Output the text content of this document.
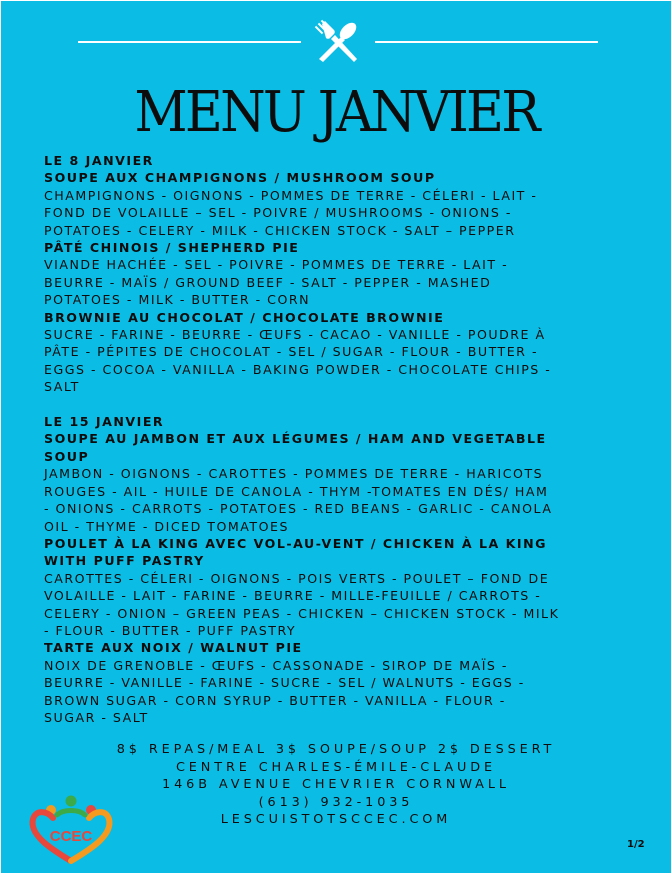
MENU JANVIER
LE 8 JANVIER
SOUPE AUX CHAMPIGNONS / MUSHROOM SOUP
CHAMPIGNONS - OIGNONS - POMMES DE TERRE - CÉLERI - LAIT -
FOND DE VOLAILLE – SEL - POIVRE / MUSHROOMS - ONIONS -
POTATOES - CELERY - MILK - CHICKEN STOCK - SALT – PEPPER
PÂTÉ CHINOIS / SHEPHERD PIE
VIANDE HACHÉE - SEL - POIVRE - POMMES DE TERRE - LAIT -
BEURRE - MAÏS / GROUND BEEF - SALT - PEPPER - MASHED
POTATOES - MILK - BUTTER - CORN
BROWNIE AU CHOCOLAT / CHOCOLATE BROWNIE
SUCRE - FARINE - BEURRE - ŒUFS - CACAO - VANILLE - POUDRE À
PÂTE - PÉPITES DE CHOCOLAT - SEL / SUGAR - FLOUR - BUTTER -
EGGS - COCOA - VANILLA - BAKING POWDER - CHOCOLATE CHIPS -
SALT
LE 15 JANVIER
SOUPE AU JAMBON ET AUX LÉGUMES / HAM AND VEGETABLE
SOUP
JAMBON - OIGNONS - CAROTTES - POMMES DE TERRE - HARICOTS
ROUGES - AIL - HUILE DE CANOLA - THYM -TOMATES EN DÉS/ HAM
- ONIONS - CARROTS - POTATOES - RED BEANS - GARLIC - CANOLA
OIL - THYME - DICED TOMATOES
POULET À LA KING AVEC VOL-AU-VENT / CHICKEN À LA KING
WITH PUFF PASTRY
CAROTTES - CÉLERI - OIGNONS - POIS VERTS - POULET – FOND DE
VOLAILLE - LAIT - FARINE - BEURRE - MILLE-FEUILLE / CARROTS -
CELERY - ONION – GREEN PEAS - CHICKEN – CHICKEN STOCK - MILK
- FLOUR - BUTTER - PUFF PASTRY
TARTE AUX NOIX / WALNUT PIE
NOIX DE GRENOBLE - ŒUFS - CASSONADE - SIROP DE MAÏS -
BEURRE - VANILLE - FARINE - SUCRE - SEL / WALNUTS - EGGS -
BROWN SUGAR - CORN SYRUP - BUTTER - VANILLA - FLOUR -
SUGAR - SALT
8$ REPAS/MEAL 3$ SOUPE/SOUP 2$ DESSERT
CENTRE CHARLES-ÉMILE-CLAUDE
146B AVENUE CHEVRIER CORNWALL
(613) 932-1035
LESCUISTOTSCCEC.COM
CCEC	1/2
